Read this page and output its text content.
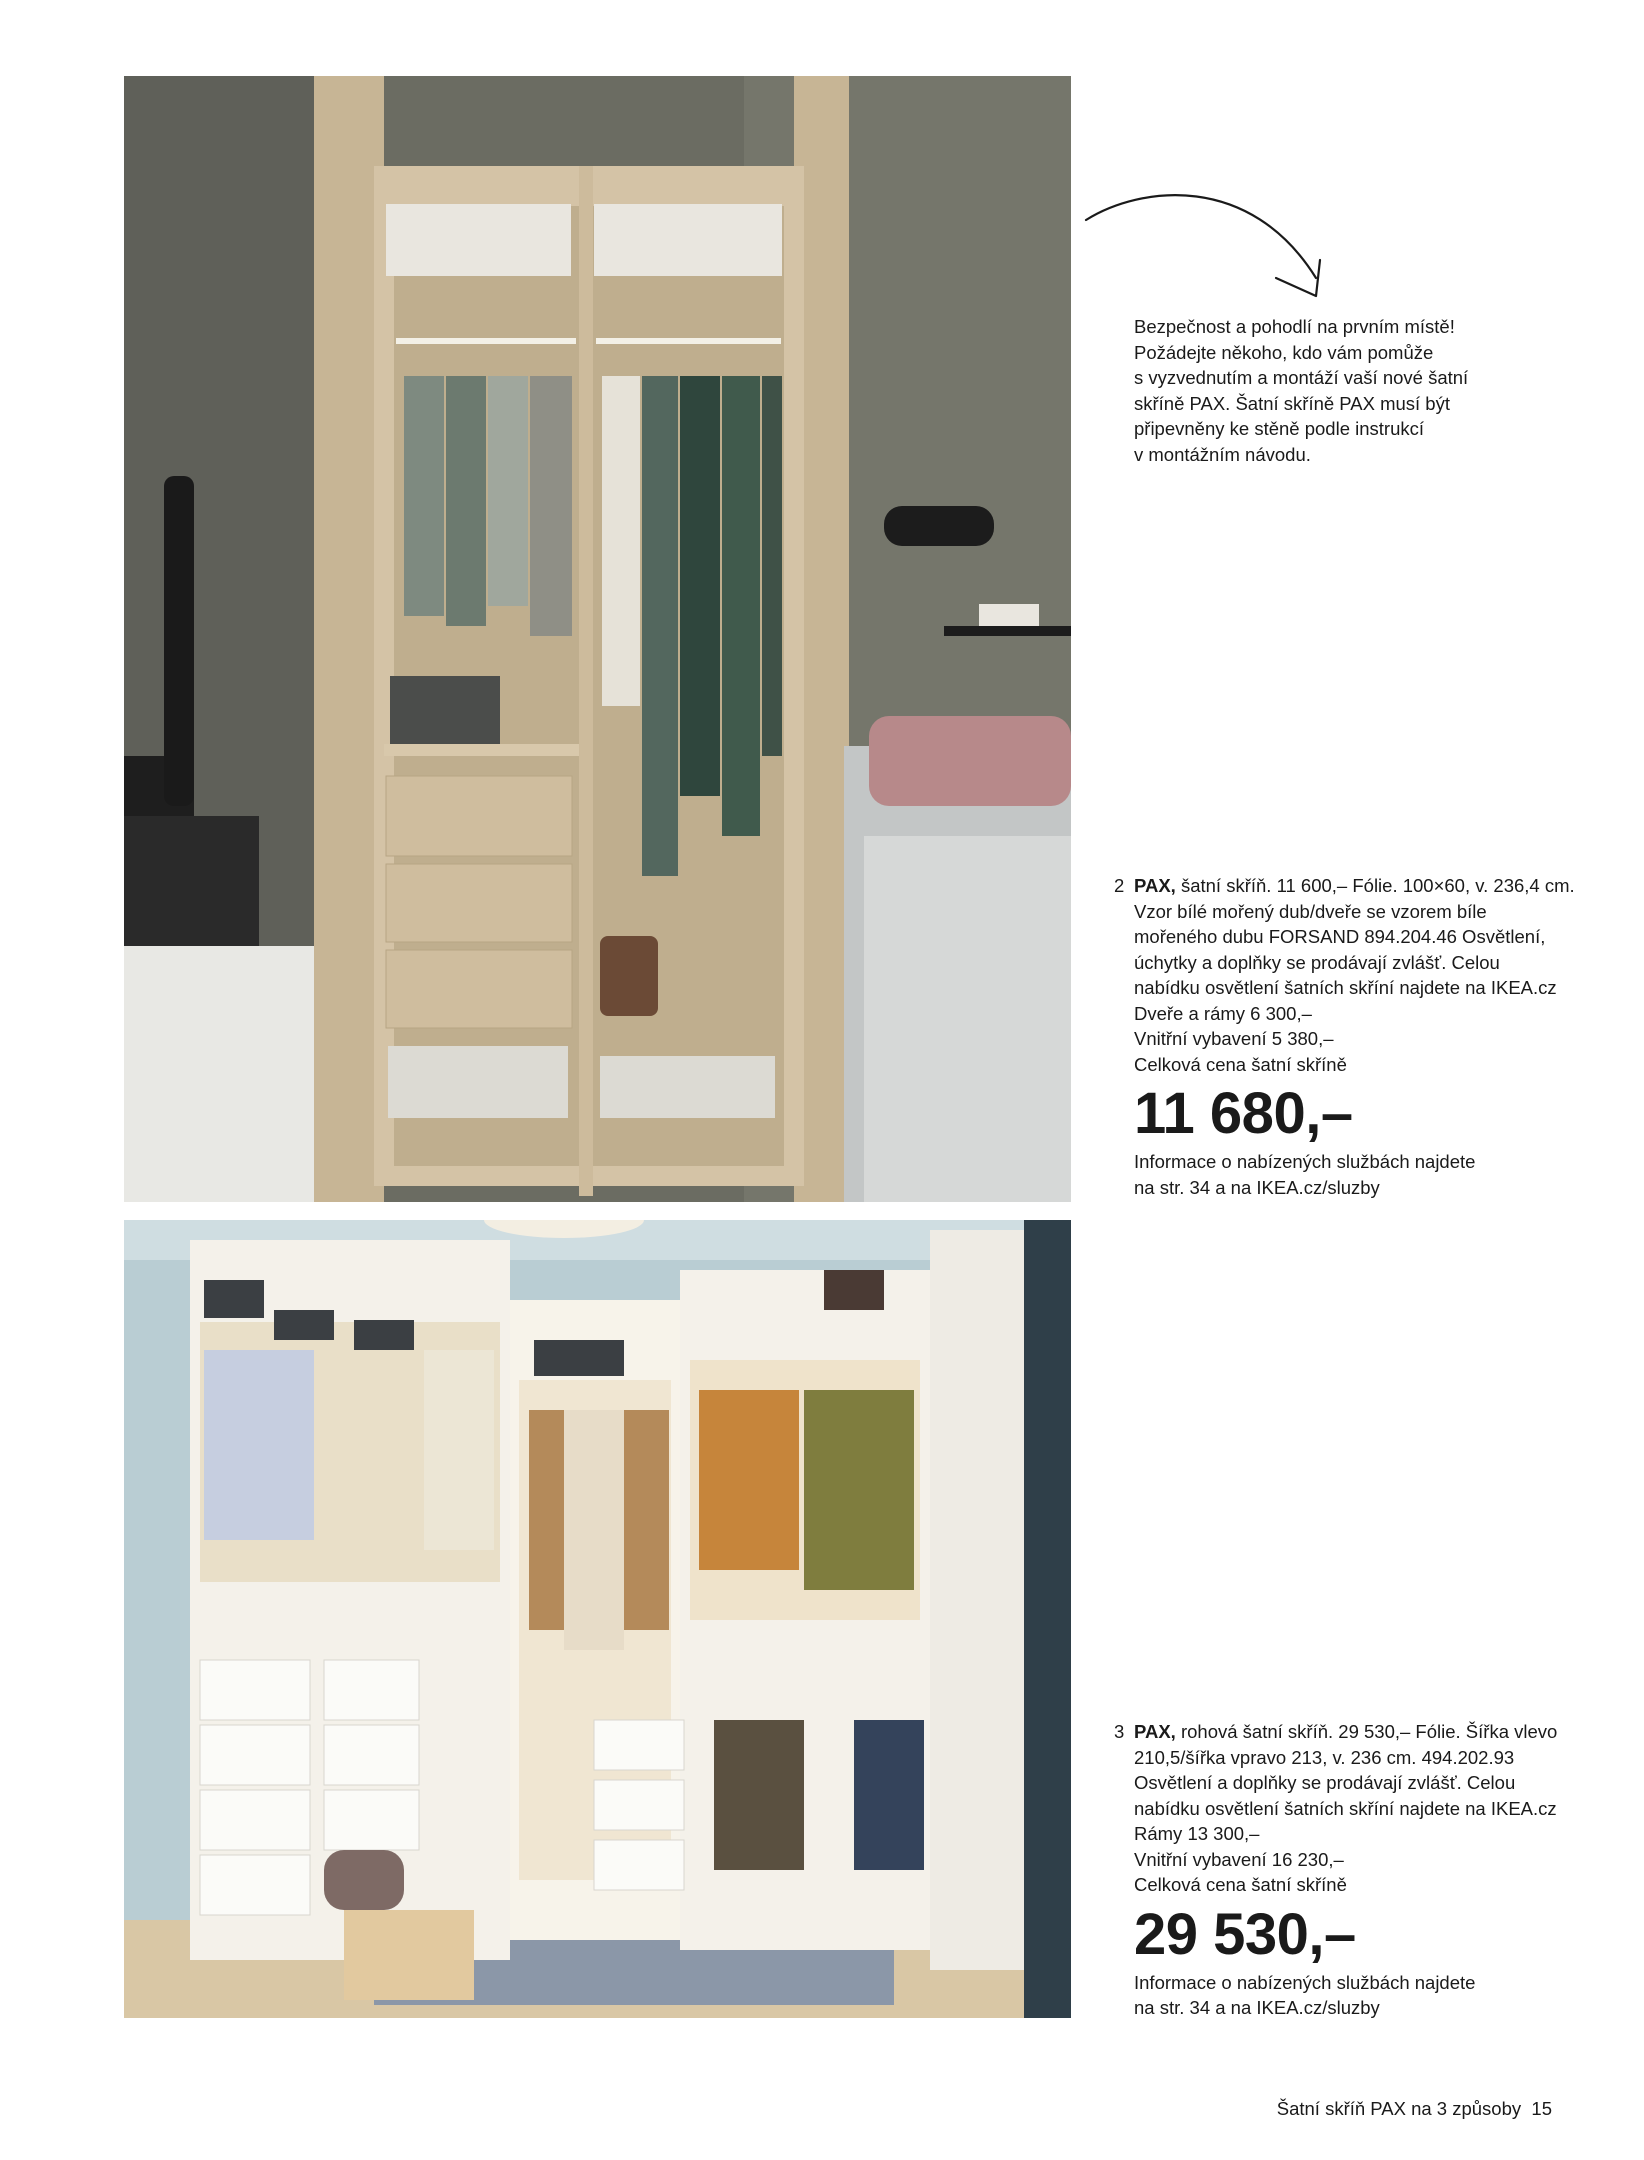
Bezpečnost a pohodlí na prvním místě!
Požádejte někoho, kdo vám pomůže
s vyzvednutím a montáží vaší nové šatní
skříně PAX. Šatní skříně PAX musí být
připevněny ke stěně podle instrukcí
v montážním návodu.
2 PAX, šatní skříň. 11 600,– Fólie. 100×60, v. 236,4 cm.
Vzor bílé mořený dub/dveře se vzorem bíle
mořeného dubu FORSAND 894.204.46 Osvětlení,
úchytky a doplňky se prodávají zvlášť. Celou
nabídku osvětlení šatních skříní najdete na IKEA.cz
Dveře a rámy 6 300,–
Vnitřní vybavení 5 380,–
Celková cena šatní skříně
11 680,–
Informace o nabízených službách najdete
na str. 34 a na IKEA.cz/sluzby
3 PAX, rohová šatní skříň. 29 530,– Fólie. Šířka vlevo
210,5/šířka vpravo 213, v. 236 cm. 494.202.93
Osvětlení a doplňky se prodávají zvlášť. Celou
nabídku osvětlení šatních skříní najdete na IKEA.cz
Rámy 13 300,–
Vnitřní vybavení 16 230,–
Celková cena šatní skříně
29 530,–
Informace o nabízených službách najdete
na str. 34 a na IKEA.cz/sluzby
Šatní skříň PAX na 3 způsoby 15
